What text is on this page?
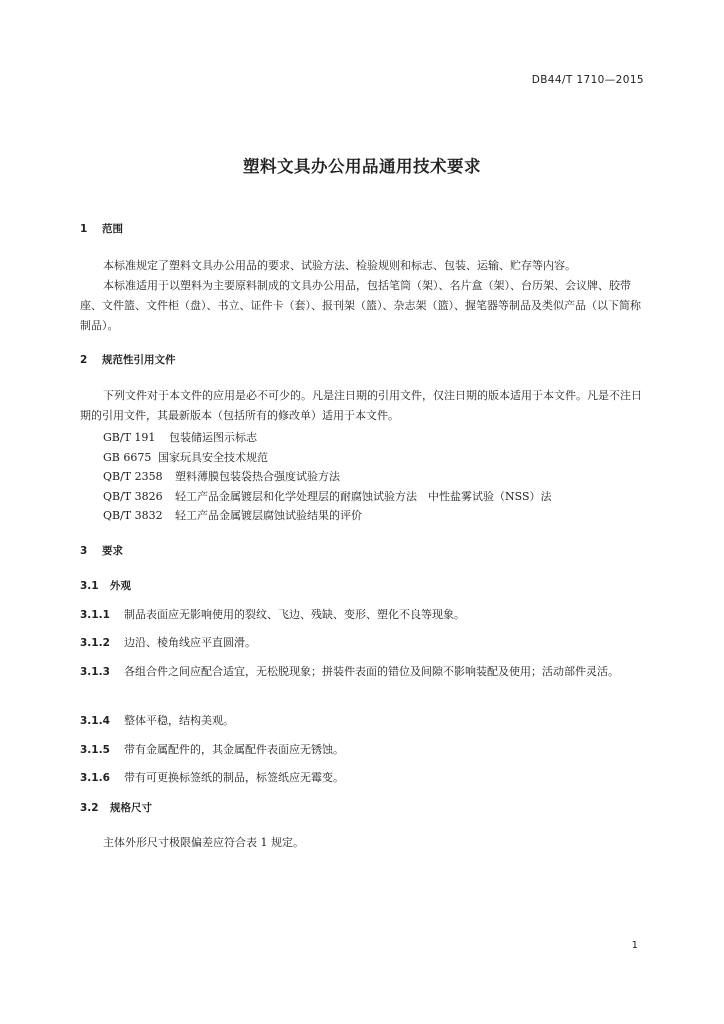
DB44/T 1710—2015
塑料文具办公用品通用技术要求
1 范围
本标准规定了塑料文具办公用品的要求、试验方法、检验规则和标志、包装、运输、贮存等内容。
本标准适用于以塑料为主要原料制成的文具办公用品，包括笔筒（架）、名片盒（架）、台历架、会议牌、胶带座、文件篮、文件柜（盘）、书立、证件卡（套）、报刊架（篮）、杂志架（篮）、握笔器等制品及类似产品（以下简称制品）。
2 规范性引用文件
下列文件对于本文件的应用是必不可少的。凡是注日期的引用文件，仅注日期的版本适用于本文件。凡是不注日期的引用文件，其最新版本（包括所有的修改单）适用于本文件。
GB/T 191 包装储运图示标志
GB 6675 国家玩具安全技术规范
QB/T 2358 塑料薄膜包装袋热合强度试验方法
QB/T 3826 轻工产品金属镀层和化学处理层的耐腐蚀试验方法　中性盐雾试验（NSS）法
QB/T 3832 轻工产品金属镀层腐蚀试验结果的评价
3 要求
3.1 外观
3.1.1 制品表面应无影响使用的裂纹、飞边、残缺、变形、塑化不良等现象。
3.1.2 边沿、棱角线应平直圆滑。
3.1.3 各组合件之间应配合适宜，无松脱现象；拼装件表面的错位及间隙不影响装配及使用；活动部件灵活。
3.1.4 整体平稳，结构美观。
3.1.5 带有金属配件的，其金属配件表面应无锈蚀。
3.1.6 带有可更换标签纸的制品，标签纸应无霉变。
3.2 规格尺寸
主体外形尺寸极限偏差应符合表 1 规定。
1
